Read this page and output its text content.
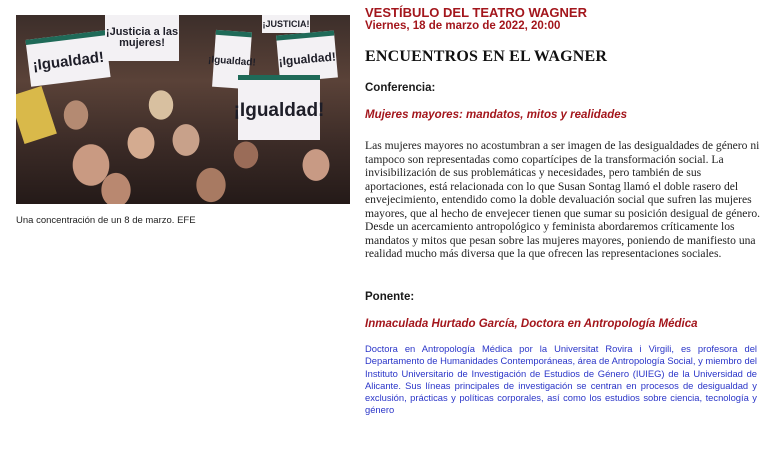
¡Igualdad!
¡Justicia a las mujeres!
¡Igualdad!
¡JUSTICIA!
¡Igualdad!
¡Igualdad!
Una concentración de un 8 de marzo. EFE
VESTÍBULO DEL TEATRO WAGNER
Viernes, 18 de marzo de 2022, 20:00
ENCUENTROS EN EL WAGNER
Conferencia:
Mujeres mayores: mandatos, mitos y realidades

Las mujeres mayores no acostumbran a ser imagen de las desigualdades de género ni tampoco son representadas como copartícipes de la transformación social. La invisibilización de sus problemáticas y necesidades, pero también de sus aportaciones, está relacionada con lo que Susan Sontag llamó el doble rasero del envejecimiento, entendido como la doble devaluación social que sufren las mujeres mayores, que al hecho de envejecer tienen que sumar su posición desigual de género. Desde un acercamiento antropológico y feminista abordaremos críticamente los mandatos y mitos que pesan sobre las mujeres mayores, poniendo de manifiesto una realidad mucho más diversa que la que ofrecen las representaciones sociales.

Ponente:
Inmaculada Hurtado García, Doctora en Antropología Médica

Doctora en Antropología Médica por la Universitat Rovira i Virgili, es profesora del Departamento de Humanidades Contemporáneas, área de Antropología Social, y miembro del Instituto Universitario de Investigación de Estudios de Género (IUIEG) de la Universidad de Alicante. Sus líneas principales de investigación se centran en procesos de desigualdad y exclusión, prácticas y políticas corporales, así como los estudios sobre ciencia, tecnología y género
